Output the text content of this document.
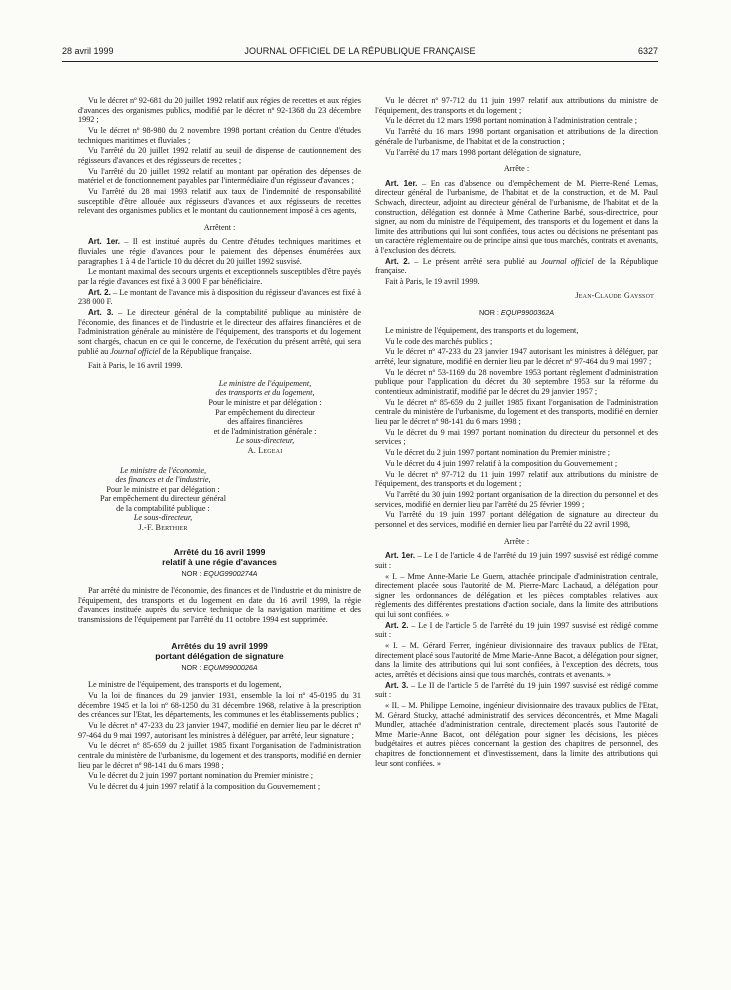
28 avril 1999	JOURNAL OFFICIEL DE LA RÉPUBLIQUE FRANÇAISE	6327

Vu le décret nº 92-681 du 20 juillet 1992 relatif aux régies de recettes et aux régies d'avances des organismes publics, modifié par le décret nº 92-1368 du 23 décembre 1992 ;

Vu le décret nº 98-980 du 2 novembre 1998 portant création du Centre d'études techniques maritimes et fluviales ;

Vu l'arrêté du 20 juillet 1992 relatif au seuil de dispense de cautionnement des régisseurs d'avances et des régisseurs de recettes ;

Vu l'arrêté du 20 juillet 1992 relatif au montant par opération des dépenses de matériel et de fonctionnement payables par l'intermédiaire d'un régisseur d'avances ;

Vu l'arrêté du 28 mai 1993 relatif aux taux de l'indemnité de responsabilité susceptible d'être allouée aux régisseurs d'avances et aux régisseurs de recettes relevant des organismes publics et le montant du cautionnement imposé à ces agents,

Arrêtent :

Art. 1er. – Il est institué auprès du Centre d'études techniques maritimes et fluviales une régie d'avances pour le paiement des dépenses énumérées aux paragraphes 1 à 4 de l'article 10 du décret du 20 juillet 1992 susvisé.

Le montant maximal des secours urgents et exceptionnels susceptibles d'être payés par la régie d'avances est fixé à 3 000 F par bénéficiaire.

Art. 2. – Le montant de l'avance mis à disposition du régisseur d'avances est fixé à 238 000 F.

Art. 3. – Le directeur général de la comptabilité publique au ministère de l'économie, des finances et de l'industrie et le directeur des affaires financières et de l'administration générale au ministère de l'équipement, des transports et du logement sont chargés, chacun en ce qui le concerne, de l'exécution du présent arrêté, qui sera publié au Journal officiel de la République française.

Fait à Paris, le 16 avril 1999.

Le ministre de l'équipement,
des transports et du logement,
Pour le ministre et par délégation :
Par empêchement du directeur
des affaires financières
et de l'administration générale :
Le sous-directeur,
A. Legeai
Le ministre de l'économie,
des finances et de l'industrie,
Pour le ministre et par délégation :
Par empêchement du directeur général
de la comptabilité publique :
Le sous-directeur,
J.-F. Berthier
Arrêté du 16 avril 1999
relatif à une régie d'avances
NOR : EQUG9900274A

Par arrêté du ministre de l'économie, des finances et de l'industrie et du ministre de l'équipement, des transports et du logement en date du 16 avril 1999, la régie d'avances instituée auprès du service technique de la navigation maritime et des transmissions de l'équipement par l'arrêté du 11 octobre 1994 est supprimée.

Arrêtés du 19 avril 1999
portant délégation de signature
NOR : EQUM9900026A

Le ministre de l'équipement, des transports et du logement,

Vu la loi de finances du 29 janvier 1931, ensemble la loi nº 45-0195 du 31 décembre 1945 et la loi nº 68-1250 du 31 décembre 1968, relative à la prescription des créances sur l'Etat, les départements, les communes et les établissements publics ;

Vu le décret nº 47-233 du 23 janvier 1947, modifié en dernier lieu par le décret nº 97-464 du 9 mai 1997, autorisant les ministres à déléguer, par arrêté, leur signature ;

Vu le décret nº 85-659 du 2 juillet 1985 fixant l'organisation de l'administration centrale du ministère de l'urbanisme, du logement et des transports, modifié en dernier lieu par le décret nº 98-141 du 6 mars 1998 ;

Vu le décret du 2 juin 1997 portant nomination du Premier ministre ;

Vu le décret du 4 juin 1997 relatif à la composition du Gouvernement ;

Vu le décret nº 97-712 du 11 juin 1997 relatif aux attributions du ministre de l'équipement, des transports et du logement ;

Vu le décret du 12 mars 1998 portant nomination à l'administration centrale ;

Vu l'arrêté du 16 mars 1998 portant organisation et attributions de la direction générale de l'urbanisme, de l'habitat et de la construction ;

Vu l'arrêté du 17 mars 1998 portant délégation de signature,

Arrête :

Art. 1er. – En cas d'absence ou d'empêchement de M. Pierre-René Lemas, directeur général de l'urbanisme, de l'habitat et de la construction, et de M. Paul Schwach, directeur, adjoint au directeur général de l'urbanisme, de l'habitat et de la construction, délégation est donnée à Mme Catherine Barbé, sous-directrice, pour signer, au nom du ministre de l'équipement, des transports et du logement et dans la limite des attributions qui lui sont confiées, tous actes ou décisions ne présentant pas un caractère réglementaire ou de principe ainsi que tous marchés, contrats et avenants, à l'exclusion des décrets.

Art. 2. – Le présent arrêté sera publié au Journal officiel de la République française.

Fait à Paris, le 19 avril 1999.

Jean-Claude Gayssot
NOR : EQUP9900362A

Le ministre de l'équipement, des transports et du logement,

Vu le code des marchés publics ;

Vu le décret nº 47-233 du 23 janvier 1947 autorisant les ministres à déléguer, par arrêté, leur signature, modifié en dernier lieu par le décret nº 97-464 du 9 mai 1997 ;

Vu le décret nº 53-1169 du 28 novembre 1953 portant règlement d'administration publique pour l'application du décret du 30 septembre 1953 sur la réforme du contentieux administratif, modifié par le décret du 29 janvier 1957 ;

Vu le décret nº 85-659 du 2 juillet 1985 fixant l'organisation de l'administration centrale du ministère de l'urbanisme, du logement et des transports, modifié en dernier lieu par le décret nº 98-141 du 6 mars 1998 ;

Vu le décret du 9 mai 1997 portant nomination du directeur du personnel et des services ;

Vu le décret du 2 juin 1997 portant nomination du Premier ministre ;

Vu le décret du 4 juin 1997 relatif à la composition du Gouvernement ;

Vu le décret nº 97-712 du 11 juin 1997 relatif aux attributions du ministre de l'équipement, des transports et du logement ;

Vu l'arrêté du 30 juin 1992 portant organisation de la direction du personnel et des services, modifié en dernier lieu par l'arrêté du 25 février 1999 ;

Vu l'arrêté du 19 juin 1997 portant délégation de signature au directeur du personnel et des services, modifié en dernier lieu par l'arrêté du 22 avril 1998,

Arrête :

Art. 1er. – Le I de l'article 4 de l'arrêté du 19 juin 1997 susvisé est rédigé comme suit :

« I. – Mme Anne-Marie Le Guern, attachée principale d'administration centrale, directement placée sous l'autorité de M. Pierre-Marc Lachaud, a délégation pour signer les ordonnances de délégation et les pièces comptables relatives aux règlements des différentes prestations d'action sociale, dans la limite des attributions qui lui sont confiées. »

Art. 2. – Le I de l'article 5 de l'arrêté du 19 juin 1997 susvisé est rédigé comme suit :

« I. – M. Gérard Ferrer, ingénieur divisionnaire des travaux publics de l'Etat, directement placé sous l'autorité de Mme Marie-Anne Bacot, a délégation pour signer, dans la limite des attributions qui lui sont confiées, à l'exception des décrets, tous actes, arrêtés et décisions ainsi que tous marchés, contrats et avenants. »

Art. 3. – Le II de l'article 5 de l'arrêté du 19 juin 1997 susvisé est rédigé comme suit :

« II. – M. Philippe Lemoine, ingénieur divisionnaire des travaux publics de l'Etat, M. Gérard Stucky, attaché administratif des services déconcentrés, et Mme Magali Mundler, attachée d'administration centrale, directement placés sous l'autorité de Mme Marie-Anne Bacot, ont délégation pour signer les décisions, les pièces budgétaires et autres pièces concernant la gestion des chapitres de personnel, des chapitres de fonctionnement et d'investissement, dans la limite des attributions qui leur sont confiées. »
